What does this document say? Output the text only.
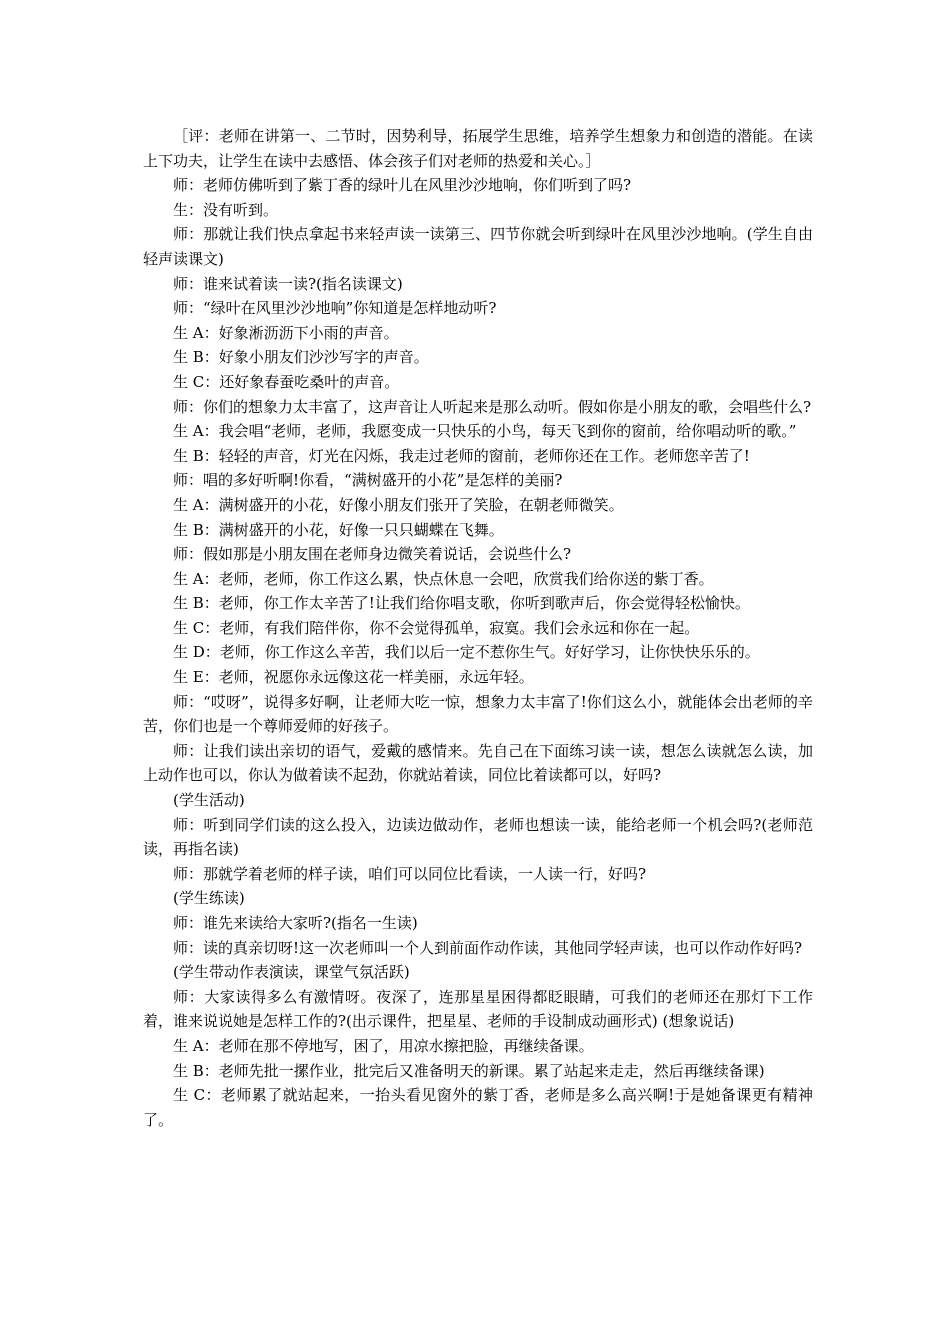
［评：老师在讲第一、二节时，因势利导，拓展学生思维，培养学生想象力和创造的潜能。在读上下功夫，让学生在读中去感悟、体会孩子们对老师的热爱和关心。］

师：老师仿佛听到了紫丁香的绿叶儿在风里沙沙地响，你们听到了吗?

生：没有听到。

师：那就让我们快点拿起书来轻声读一读第三、四节你就会听到绿叶在风里沙沙地响。(学生自由轻声读课文)

师：谁来试着读一读?(指名读课文)

师：“绿叶在风里沙沙地响”你知道是怎样地动听?

生 A：好象淅沥沥下小雨的声音。

生 B：好象小朋友们沙沙写字的声音。

生 C：还好象春蚕吃桑叶的声音。

师：你们的想象力太丰富了，这声音让人听起来是那么动听。假如你是小朋友的歌，会唱些什么?

生 A：我会唱“老师，老师，我愿变成一只快乐的小鸟，每天飞到你的窗前，给你唱动听的歌。”

生 B：轻轻的声音，灯光在闪烁，我走过老师的窗前，老师你还在工作。老师您辛苦了!

师：唱的多好听啊!你看，“满树盛开的小花”是怎样的美丽?

生 A：满树盛开的小花，好像小朋友们张开了笑脸，在朝老师微笑。

生 B：满树盛开的小花，好像一只只蝴蝶在飞舞。

师：假如那是小朋友围在老师身边微笑着说话，会说些什么?

生 A：老师，老师，你工作这么累，快点休息一会吧，欣赏我们给你送的紫丁香。

生 B：老师，你工作太辛苦了!让我们给你唱支歌，你听到歌声后，你会觉得轻松愉快。

生 C：老师，有我们陪伴你，你不会觉得孤单，寂寞。我们会永远和你在一起。

生 D：老师，你工作这么辛苦，我们以后一定不惹你生气。好好学习，让你快快乐乐的。

生 E：老师，祝愿你永远像这花一样美丽，永远年轻。

师：“哎呀”，说得多好啊，让老师大吃一惊，想象力太丰富了!你们这么小，就能体会出老师的辛苦，你们也是一个尊师爱师的好孩子。

师：让我们读出亲切的语气，爱戴的感情来。先自己在下面练习读一读，想怎么读就怎么读，加上动作也可以，你认为做着读不起劲，你就站着读，同位比着读都可以，好吗?

(学生活动)

师：听到同学们读的这么投入，边读边做动作，老师也想读一读，能给老师一个机会吗?(老师范读，再指名读)

师：那就学着老师的样子读，咱们可以同位比看读，一人读一行，好吗?

(学生练读)

师：谁先来读给大家听?(指名一生读)

师：读的真亲切呀!这一次老师叫一个人到前面作动作读，其他同学轻声读，也可以作动作好吗?

(学生带动作表演读，课堂气氛活跃)

师：大家读得多么有激情呀。夜深了，连那星星困得都眨眼睛，可我们的老师还在那灯下工作着，谁来说说她是怎样工作的?(出示课件，把星星、老师的手设制成动画形式) (想象说话)

生 A：老师在那不停地写，困了，用凉水擦把脸，再继续备课。

生 B：老师先批一摞作业，批完后又准备明天的新课。累了站起来走走，然后再继续备课)

生 C：老师累了就站起来，一抬头看见窗外的紫丁香，老师是多么高兴啊!于是她备课更有精神了。
